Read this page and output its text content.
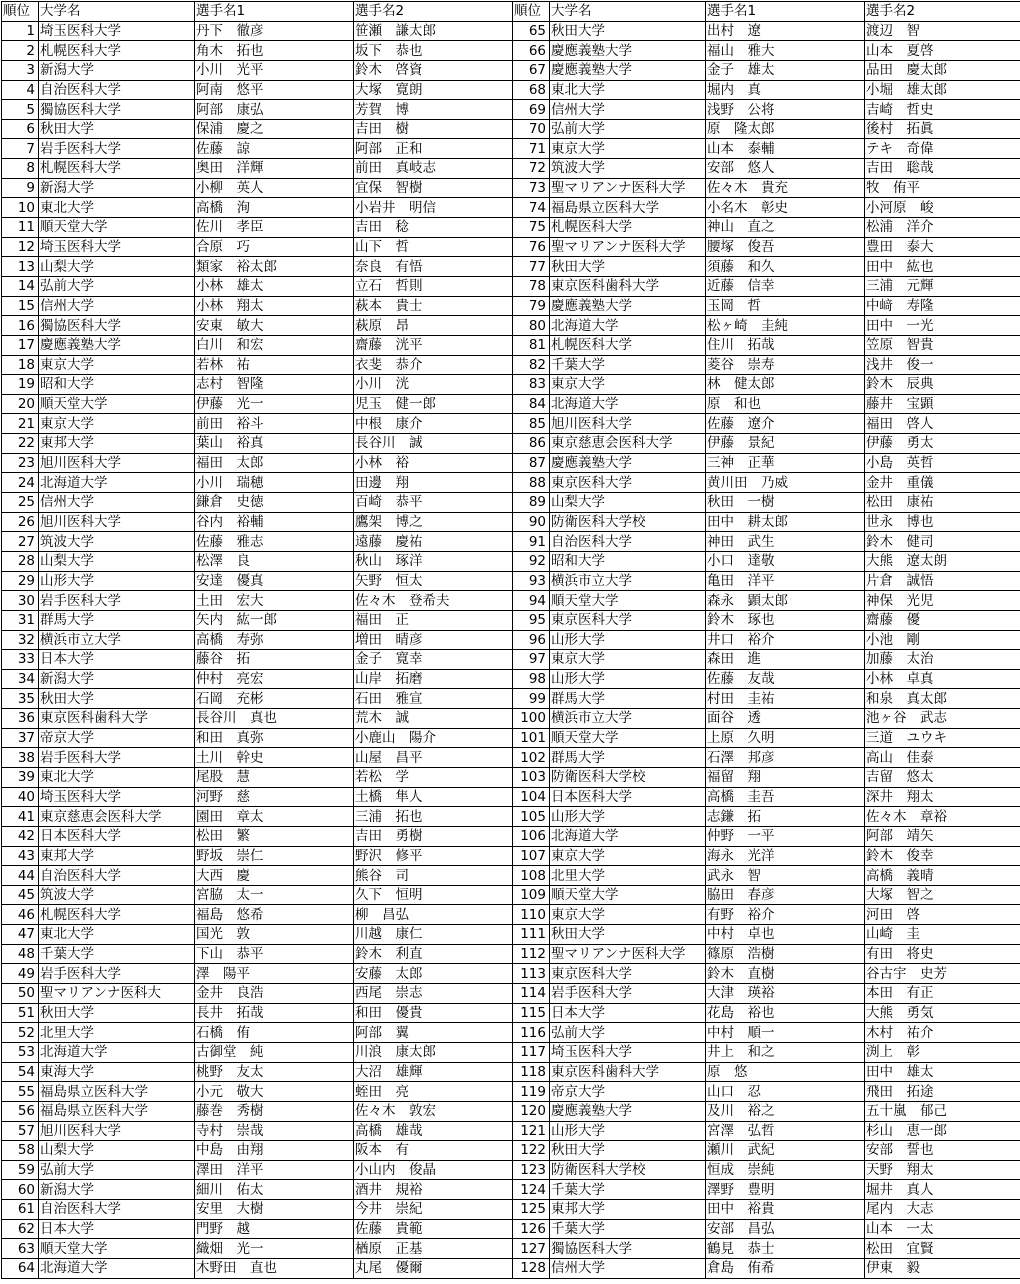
順位	大学名	選手名1	選手名2	順位	大学名	選手名1	選手名2
1	埼玉医科大学	丹下　徹彦	笹瀬　謙太郎	65	秋田大学	出村　遼	渡辺　智
2	札幌医科大学	角木　拓也	坂下　恭也	66	慶應義塾大学	福山　雅大	山本　夏啓
3	新潟大学	小川　光平	鈴木　啓資	67	慶應義塾大学	金子　雄太	品田　慶太郎
4	自治医科大学	阿南　悠平	大塚　寛朗	68	東北大学	堀内　真	小堀　雄太郎
5	獨協医科大学	阿部　康弘	芳賀　博	69	信州大学	浅野　公将	吉崎　哲史
6	秋田大学	保浦　慶之	吉田　樹	70	弘前大学	原　隆太郎	後村　拓眞
7	岩手医科大学	佐藤　諒	阿部　正和	71	東京大学	山本　泰輔	テキ　奇偉
8	札幌医科大学	奥田　洋輝	前田　真岐志	72	筑波大学	安部　悠人	吉田　聡哉
9	新潟大学	小柳　英人	宜保　智樹	73	聖マリアンナ医科大学	佐々木　貴充	牧　侑平
10	東北大学	高橋　洵	小岩井　明信	74	福島県立医科大学	小名木　彰史	小河原　峻
11	順天堂大学	佐川　孝臣	吉田　稔	75	札幌医科大学	神山　直之	松浦　洋介
12	埼玉医科大学	合原　巧	山下　哲	76	聖マリアンナ医科大学	腰塚　俊吾	豊田　泰大
13	山梨大学	類家　裕太郎	奈良　有悟	77	秋田大学	須藤　和久	田中　紘也
14	弘前大学	小林　雄太	立石　哲則	78	東京医科歯科大学	近藤　信幸	三浦　元輝
15	信州大学	小林　翔太	萩本　貴士	79	慶應義塾大学	玉岡　哲	中﨑　寿隆
16	獨協医科大学	安東　敏大	萩原　昂	80	北海道大学	松ヶ崎　圭純	田中　一光
17	慶應義塾大学	白川　和宏	齋藤　洸平	81	札幌医科大学	住川　拓哉	笠原　智貴
18	東京大学	若林　祐	衣斐　恭介	82	千葉大学	菱谷　崇寿	浅井　俊一
19	昭和大学	志村　智隆	小川　洸	83	東京大学	林　健太郎	鈴木　辰典
20	順天堂大学	伊藤　光一	児玉　健一郎	84	北海道大学	原　和也	藤井　宝顕
21	東京大学	前田　裕斗	中根　康介	85	旭川医科大学	佐藤　遼介	福田　啓人
22	東邦大学	葉山　裕真	長谷川　誠	86	東京慈恵会医科大学	伊藤　景紀	伊藤　勇太
23	旭川医科大学	福田　太郎	小林　裕	87	慶應義塾大学	三神　正華	小島　英哲
24	北海道大学	小川　瑞穂	田邊　翔	88	東京医科大学	黄川田　乃威	金井　重儀
25	信州大学	鎌倉　史徳	百崎　恭平	89	山梨大学	秋田　一樹	松田　康祐
26	旭川医科大学	谷内　裕輔	鷹架　博之	90	防衛医科大学校	田中　耕太郎	世永　博也
27	筑波大学	佐藤　雅志	遠藤　慶祐	91	自治医科大学	神田　武生	鈴木　健司
28	山梨大学	松澤　良	秋山　琢洋	92	昭和大学	小口　達敬	大熊　遼太朗
29	山形大学	安達　優真	矢野　恒太	93	横浜市立大学	亀田　洋平	片倉　誠悟
30	岩手医科大学	土田　宏大	佐々木　登希夫	94	順天堂大学	森永　顕太郎	神保　光児
31	群馬大学	矢内　紘一郎	福田　正	95	東京医科大学	鈴木　琢也	齋藤　優
32	横浜市立大学	高橋　寿弥	増田　晴彦	96	山形大学	井口　裕介	小池　剛
33	日本大学	藤谷　拓	金子　寛幸	97	東京大学	森田　進	加藤　太治
34	新潟大学	仲村　亮宏	山岸　拓磨	98	山形大学	佐藤　友哉	小林　卓真
35	秋田大学	石岡　充彬	石田　雅宣	99	群馬大学	村田　圭祐	和泉　真太郎
36	東京医科歯科大学	長谷川　真也	荒木　誠	100	横浜市立大学	面谷　透	池ヶ谷　武志
37	帝京大学	和田　真弥	小鹿山　陽介	101	順天堂大学	上原　久明	三道　ユウキ
38	岩手医科大学	土川　幹史	山屋　昌平	102	群馬大学	石澤　邦彦	高山　佳泰
39	東北大学	尾股　慧	若松　学	103	防衛医科大学校	福留　翔	吉留　悠太
40	埼玉医科大学	河野　慈	土橋　隼人	104	日本医科大学	高橋　圭吾	深井　翔太
41	東京慈恵会医科大学	園田　章太	三浦　拓也	105	山形大学	志鎌　拓	佐々木　章裕
42	日本医科大学	松田　繁	吉田　勇樹	106	北海道大学	仲野　一平	阿部　靖矢
43	東邦大学	野坂　崇仁	野沢　修平	107	東京大学	海永　光洋	鈴木　俊幸
44	自治医科大学	大西　慶	熊谷　司	108	北里大学	武永　智	高橋　義晴
45	筑波大学	宮脇　太一	久下　恒明	109	順天堂大学	脇田　春彦	大塚　智之
46	札幌医科大学	福島　悠希	柳　昌弘	110	東京大学	有野　裕介	河田　啓
47	東北大学	国光　敦	川越　康仁	111	秋田大学	中村　卓也	山崎　圭
48	千葉大学	下山　恭平	鈴木　利直	112	聖マリアンナ医科大学	篠原　浩樹	有田　将史
49	岩手医科大学	澤　陽平	安藤　太郎	113	東京医科大学	鈴木　直樹	谷古宇　史芳
50	聖マリアンナ医科大	金井　良浩	西尾　崇志	114	岩手医科大学	大津　瑛裕	本田　有正
51	秋田大学	長井　拓哉	和田　優貴	115	日本大学	花島　裕也	大熊　勇気
52	北里大学	石橋　侑	阿部　翼	116	弘前大学	中村　順一	木村　祐介
53	北海道大学	古御堂　純	川浪　康太郎	117	埼玉医科大学	井上　和之	渕上　彰
54	東海大学	桃野　友太	大沼　雄輝	118	東京医科歯科大学	原　悠	田中　雄太
55	福島県立医科大学	小元　敬大	蛭田　亮	119	帝京大学	山口　忍	飛田　拓途
56	福島県立医科大学	藤巻　秀樹	佐々木　敦宏	120	慶應義塾大学	及川　裕之	五十嵐　郁己
57	旭川医科大学	寺村　崇哉	高橋　雄哉	121	山形大学	宮澤　弘哲	杉山　恵一郎
58	山梨大学	中島　由翔	阪本　有	122	秋田大学	瀬川　武紀	安部　誓也
59	弘前大学	澤田　洋平	小山内　俊晶	123	防衛医科大学校	恒成　崇純	天野　翔太
60	新潟大学	細川　佑太	酒井　規裕	124	千葉大学	澤野　豊明	堀井　真人
61	自治医科大学	安里　大樹	今井　崇紀	125	東邦大学	田中　裕貴	尾内　大志
62	日本大学	門野　越	佐藤　貴範	126	千葉大学	安部　昌弘	山本　一太
63	順天堂大学	織畑　光一	楢原　正基	127	獨協医科大学	鶴見　恭士	松田　宜賢
64	北海道大学	木野田　直也	丸尾　優爾	128	信州大学	倉島　侑希	伊東　毅
